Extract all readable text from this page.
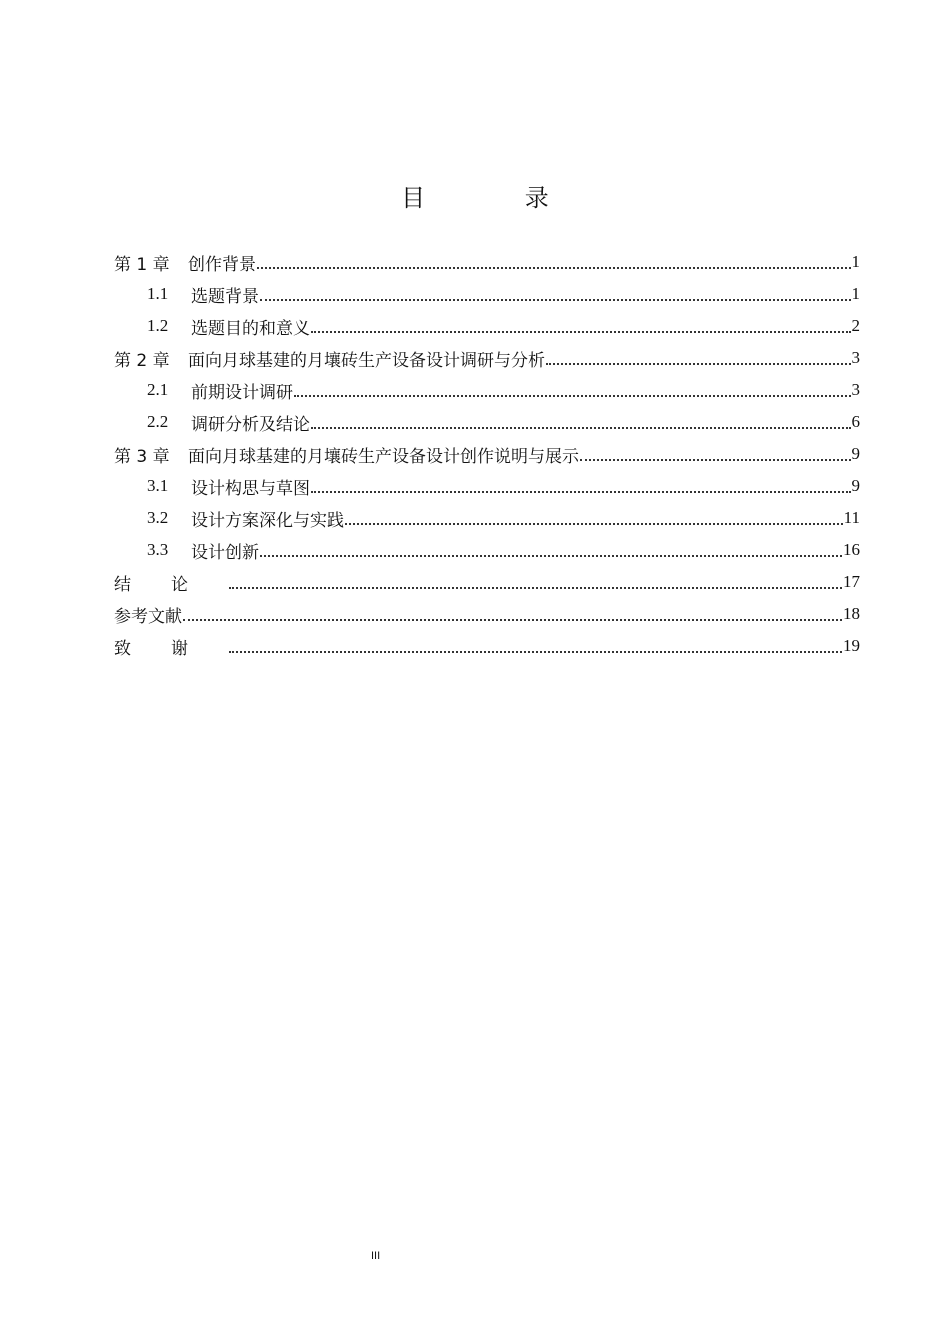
目 录
第 1 章	创作背景	1
1.1	选题背景	1
1.2	选题目的和意义	2
第 2 章	面向月球基建的月壤砖生产设备设计调研与分析	3
2.1	前期设计调研	3
2.2	调研分析及结论	6
第 3 章	面向月球基建的月壤砖生产设备设计创作说明与展示	9
3.1	设计构思与草图	9
3.2	设计方案深化与实践	11
3.3	设计创新	16
结论	17
参考文献	18
致谢	19
III
